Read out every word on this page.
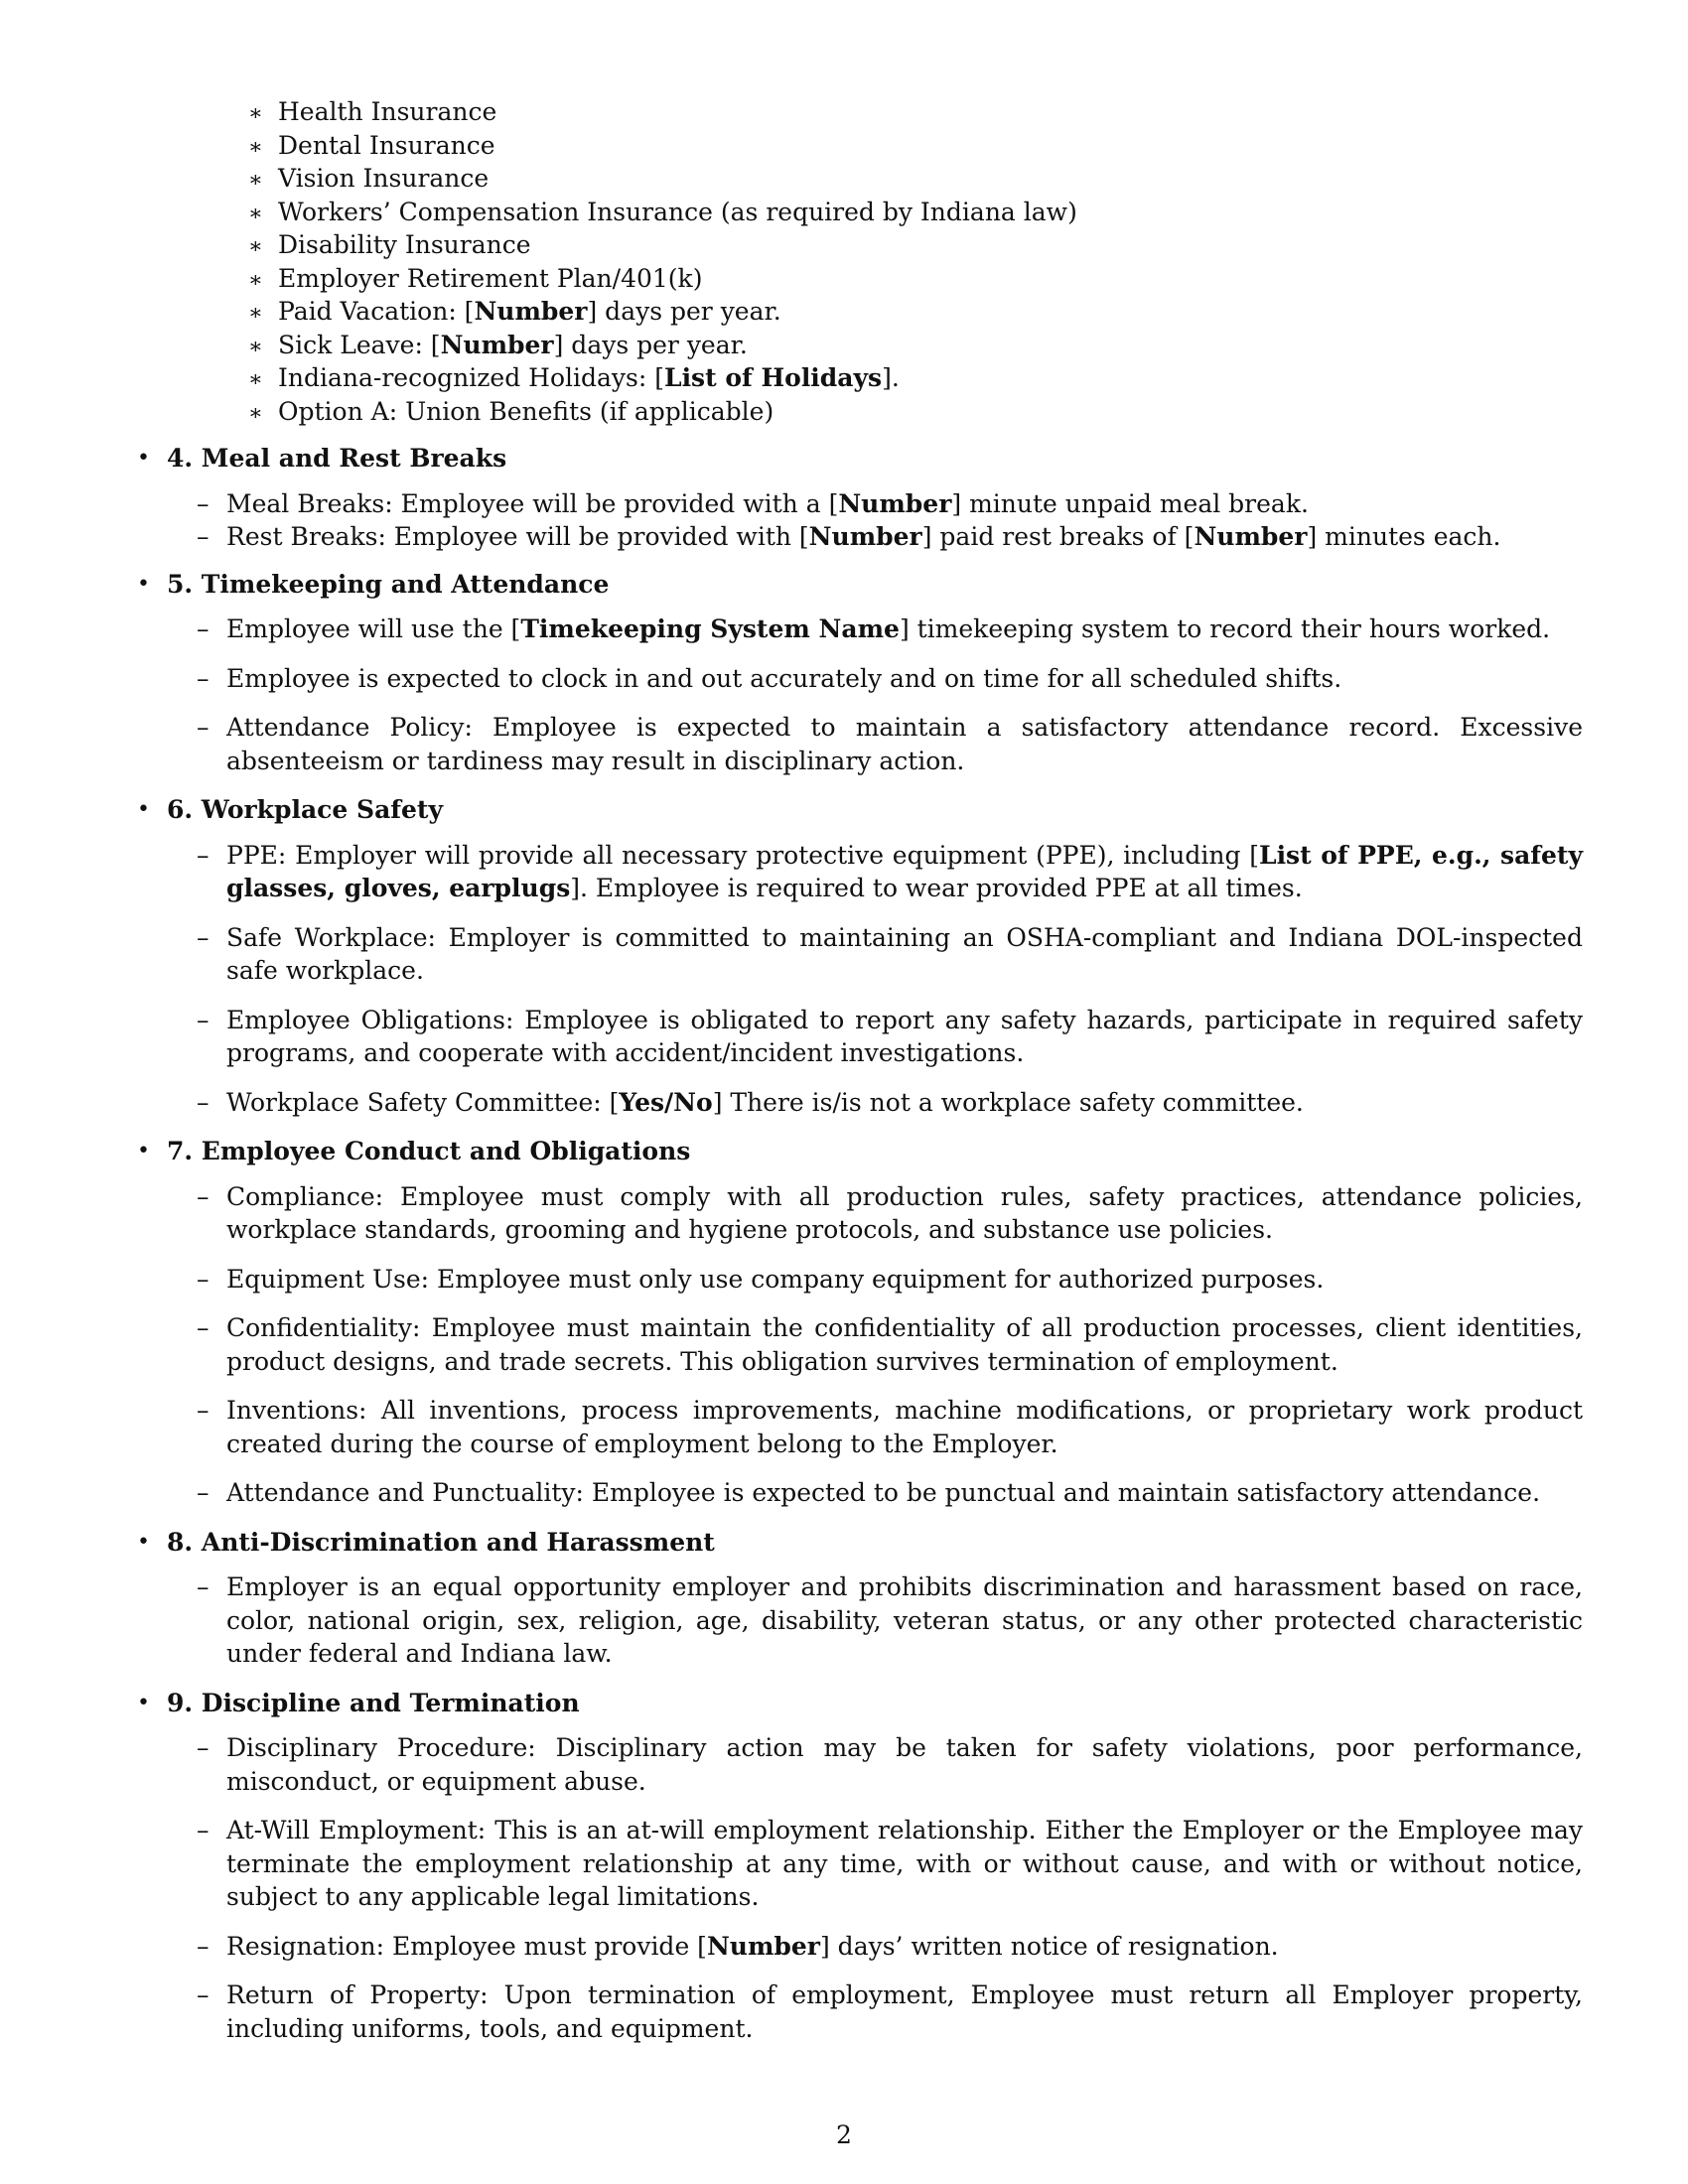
∗ Health Insurance
∗ Dental Insurance
∗ Vision Insurance
∗ Workers’ Compensation Insurance (as required by Indiana law)
∗ Disability Insurance
∗ Employer Retirement Plan/401(k)
∗ Paid Vacation: [Number] days per year.
∗ Sick Leave: [Number] days per year.
∗ Indiana-recognized Holidays: [List of Holidays].
∗ Option A: Union Benefits (if applicable)
• 4. Meal and Rest Breaks
– Meal Breaks: Employee will be provided with a [Number] minute unpaid meal break.
– Rest Breaks: Employee will be provided with [Number] paid rest breaks of [Number] minutes each.
• 5. Timekeeping and Attendance
– Employee will use the [Timekeeping System Name] timekeeping system to record their hours worked.
– Employee is expected to clock in and out accurately and on time for all scheduled shifts.
– Attendance Policy: Employee is expected to maintain a satisfactory attendance record. Excessive absenteeism or tardiness may result in disciplinary action.
• 6. Workplace Safety
– PPE: Employer will provide all necessary protective equipment (PPE), including [List of PPE, e.g., safety glasses, gloves, earplugs]. Employee is required to wear provided PPE at all times.
– Safe Workplace: Employer is committed to maintaining an OSHA-compliant and Indiana DOL-inspected safe workplace.
– Employee Obligations: Employee is obligated to report any safety hazards, participate in required safety programs, and cooperate with accident/incident investigations.
– Workplace Safety Committee: [Yes/No] There is/is not a workplace safety committee.
• 7. Employee Conduct and Obligations
– Compliance: Employee must comply with all production rules, safety practices, attendance policies, workplace standards, grooming and hygiene protocols, and substance use policies.
– Equipment Use: Employee must only use company equipment for authorized purposes.
– Confidentiality: Employee must maintain the confidentiality of all production processes, client identities, product designs, and trade secrets. This obligation survives termination of employment.
– Inventions: All inventions, process improvements, machine modifications, or proprietary work product created during the course of employment belong to the Employer.
– Attendance and Punctuality: Employee is expected to be punctual and maintain satisfactory attendance.
• 8. Anti-Discrimination and Harassment
– Employer is an equal opportunity employer and prohibits discrimination and harassment based on race, color, national origin, sex, religion, age, disability, veteran status, or any other protected characteristic under federal and Indiana law.
• 9. Discipline and Termination
– Disciplinary Procedure: Disciplinary action may be taken for safety violations, poor performance, misconduct, or equipment abuse.
– At-Will Employment: This is an at-will employment relationship. Either the Employer or the Employee may terminate the employment relationship at any time, with or without cause, and with or without notice, subject to any applicable legal limitations.
– Resignation: Employee must provide [Number] days’ written notice of resignation.
– Return of Property: Upon termination of employment, Employee must return all Employer property, including uniforms, tools, and equipment.
2
